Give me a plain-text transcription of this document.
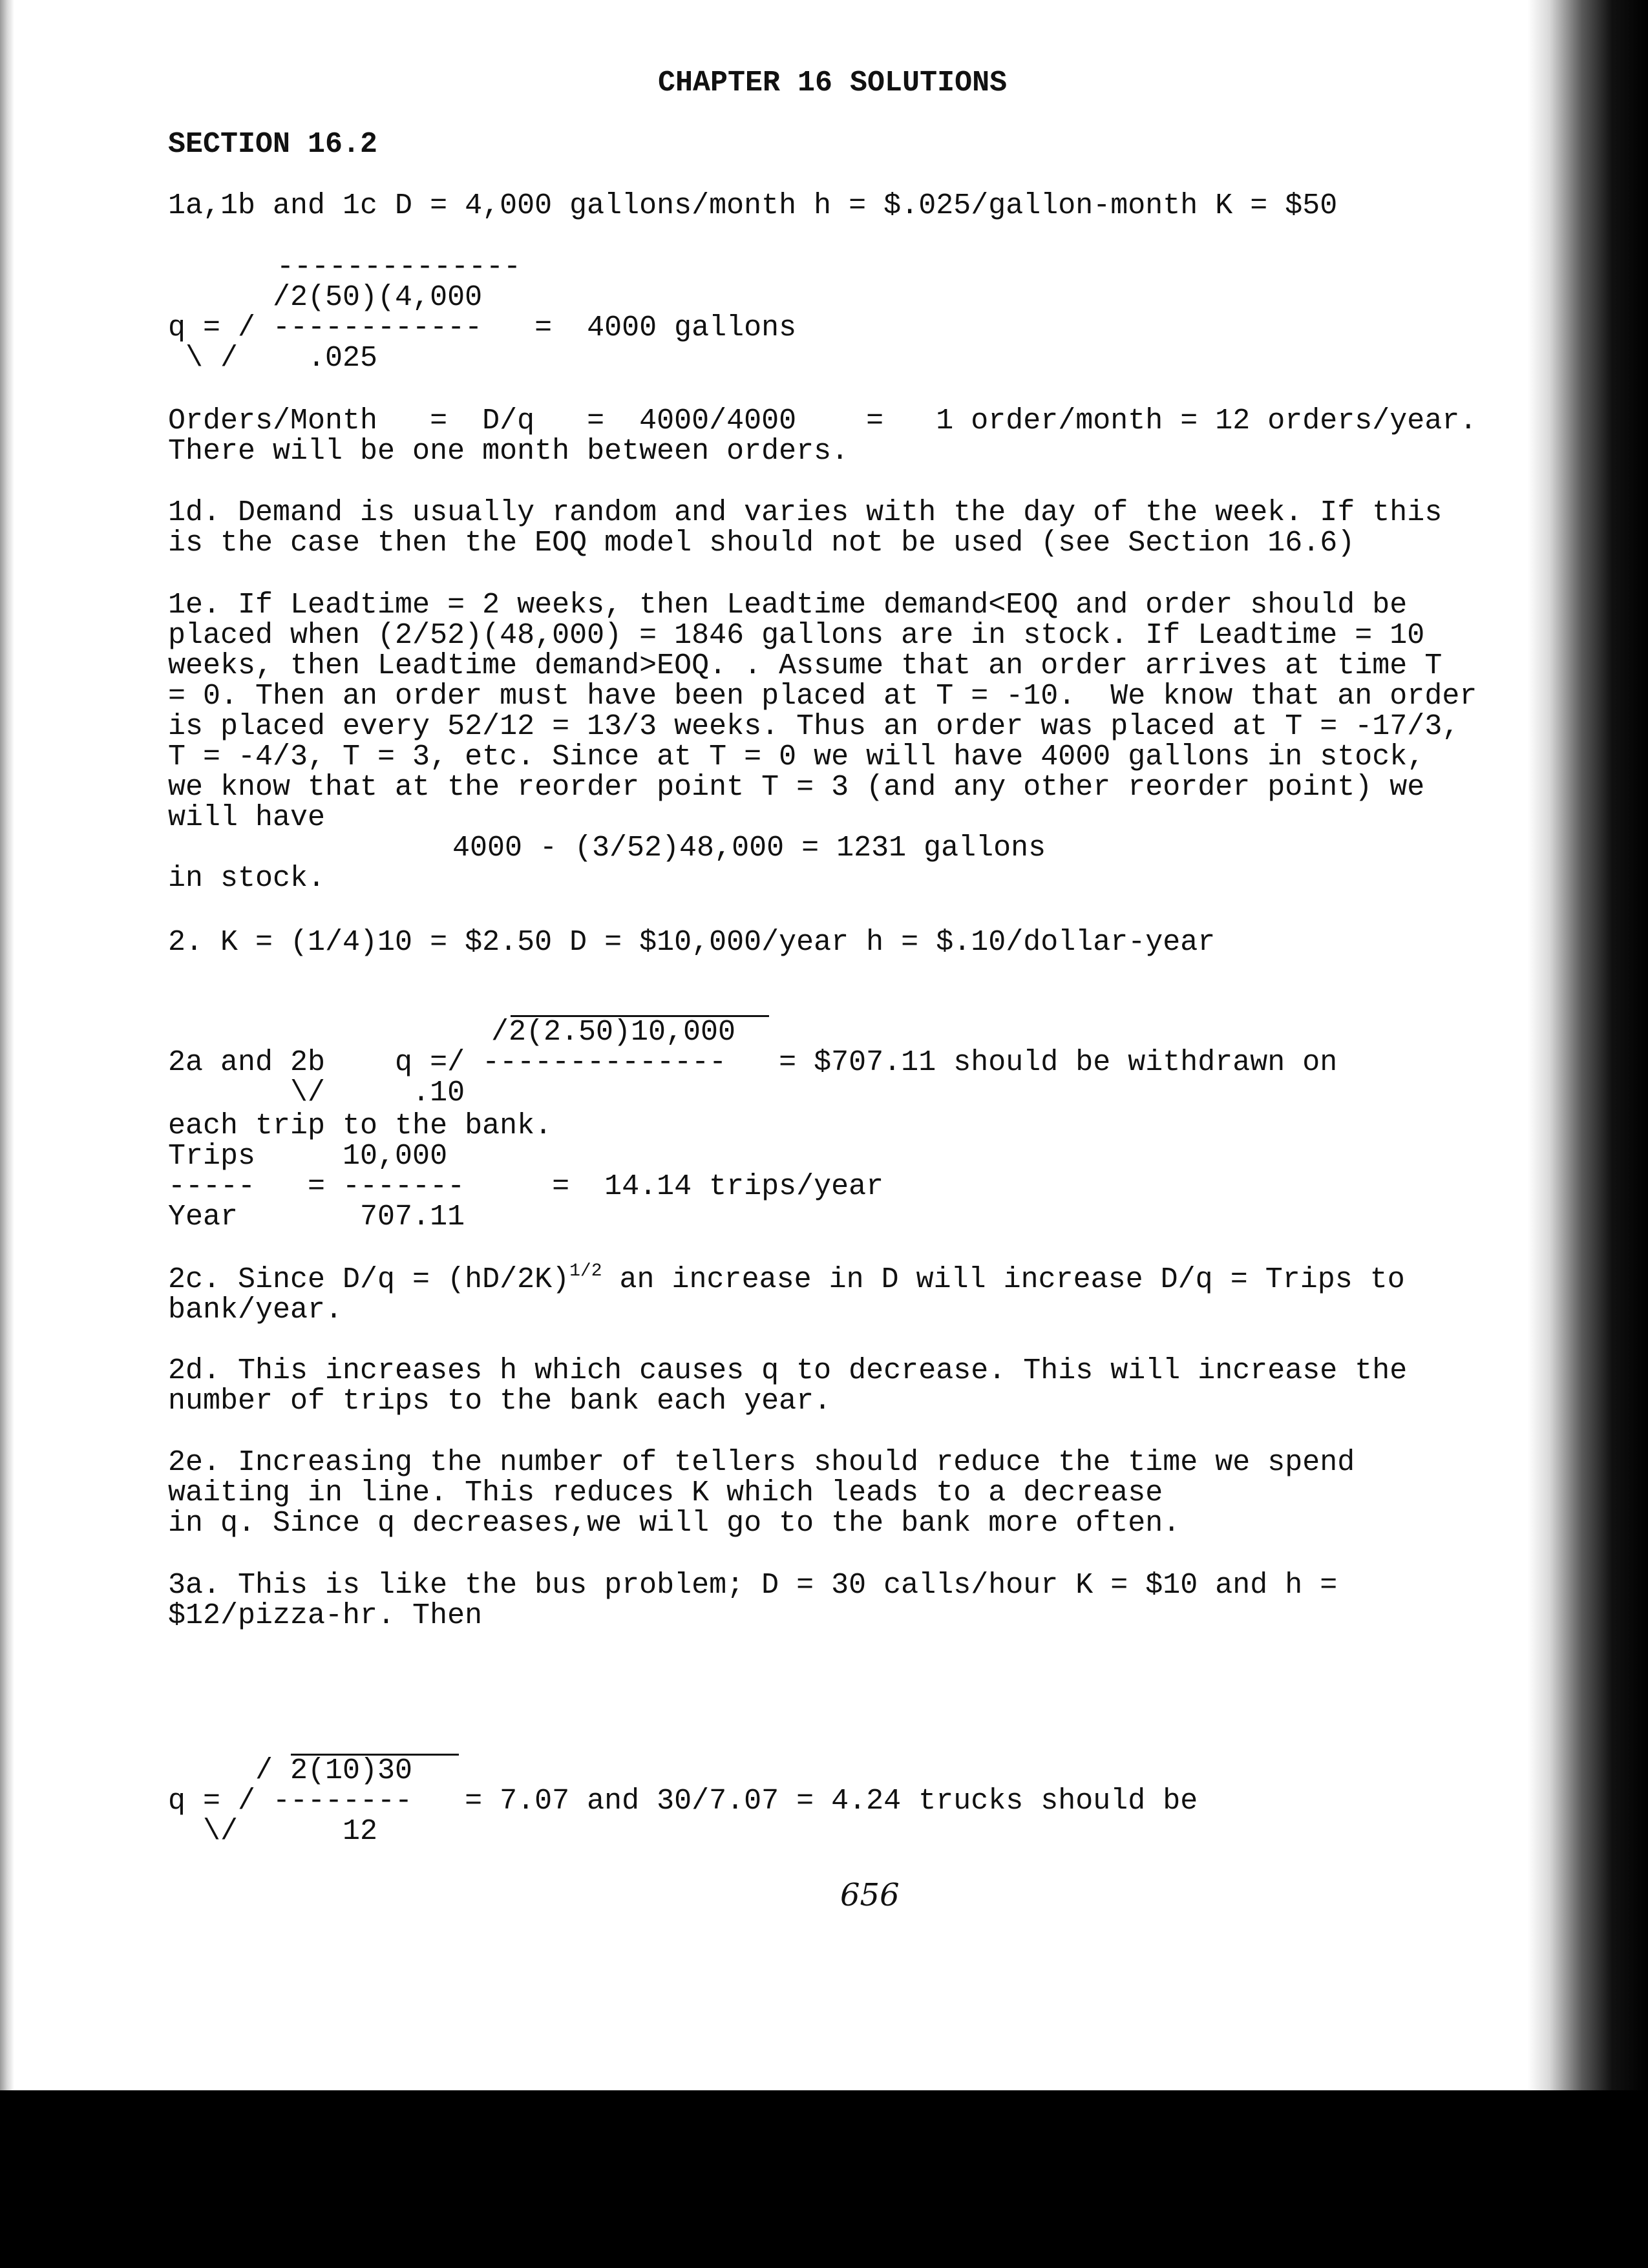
CHAPTER 16 SOLUTIONS

SECTION 16.2

1a,1b and 1c D = 4,000 gallons/month h = $.025/gallon-month K = $50

--------------

/2(50)(4,000

q = / ------------   =  4000 gallons

\ /    .025

Orders/Month   =  D/q   =  4000/4000    =   1 order/month = 12 orders/year.

There will be one month between orders.

1d. Demand is usually random and varies with the day of the week. If this

is the case then the EOQ model should not be used (see Section 16.6)

1e. If Leadtime = 2 weeks, then Leadtime demand<EOQ and order should be

placed when (2/52)(48,000) = 1846 gallons are in stock. If Leadtime = 10

weeks, then Leadtime demand>EOQ. . Assume that an order arrives at time T

= 0. Then an order must have been placed at T = -10.  We know that an order

is placed every 52/12 = 13/3 weeks. Thus an order was placed at T = -17/3,

T = -4/3, T = 3, etc. Since at T = 0 we will have 4000 gallons in stock,

we know that at the reorder point T = 3 (and any other reorder point) we

will have

4000 - (3/52)48,000 = 1231 gallons

in stock.

2. K = (1/4)10 = $2.50 D = $10,000/year h = $.10/dollar-year

/2(2.50)10,000

2a and 2b    q =/ --------------   = $707.11 should be withdrawn on

\/     .10

each trip to the bank.

Trips     10,000

-----   = -------     =  14.14 trips/year

Year       707.11

2c. Since $D/q = (hD/2K)^{1/2}$ an increase in D will increase D/q = Trips to

bank/year.

2d. This increases h which causes q to decrease. This will increase the

number of trips to the bank each year.

2e. Increasing the number of tellers should reduce the time we spend

waiting in line. This reduces K which leads to a decrease

in q. Since q decreases,we will go to the bank more often.

3a. This is like the bus problem; D = 30 calls/hour K = $10 and h =

$12/pizza-hr. Then

/ 2(10)30

q = / --------   = 7.07 and 30/7.07 = 4.24 trucks should be

\/      12

656
